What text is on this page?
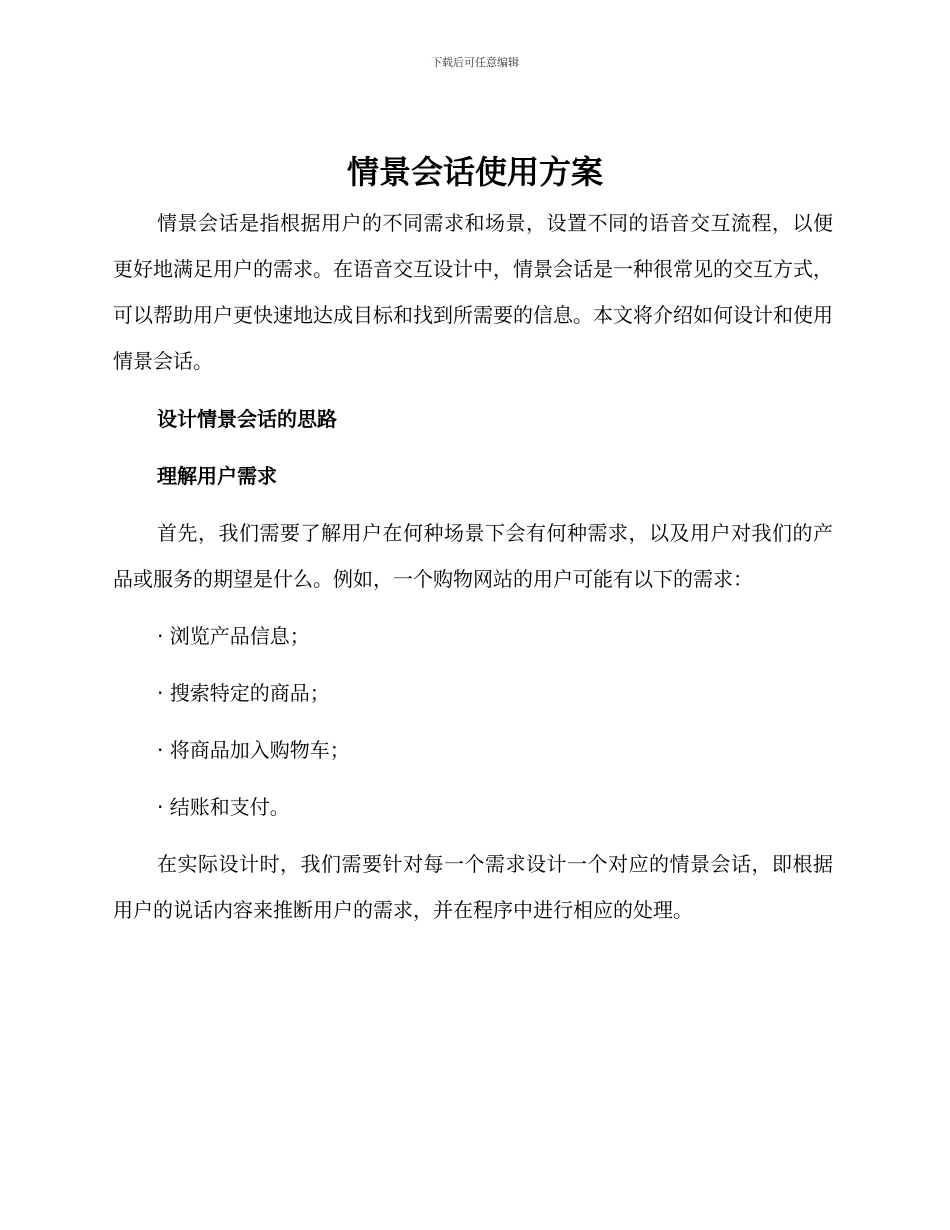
下载后可任意编辑
情景会话使用方案

情景会话是指根据用户的不同需求和场景，设置不同的语音交互流程，以便更好地满足用户的需求。在语音交互设计中，情景会话是一种很常见的交互方式，可以帮助用户更快速地达成目标和找到所需要的信息。本文将介绍如何设计和使用情景会话。

设计情景会话的思路
理解用户需求

首先，我们需要了解用户在何种场景下会有何种需求，以及用户对我们的产品或服务的期望是什么。例如，一个购物网站的用户可能有以下的需求：

· 浏览产品信息；
· 搜索特定的商品；
· 将商品加入购物车；
· 结账和支付。

在实际设计时，我们需要针对每一个需求设计一个对应的情景会话，即根据用户的说话内容来推断用户的需求，并在程序中进行相应的处理。
